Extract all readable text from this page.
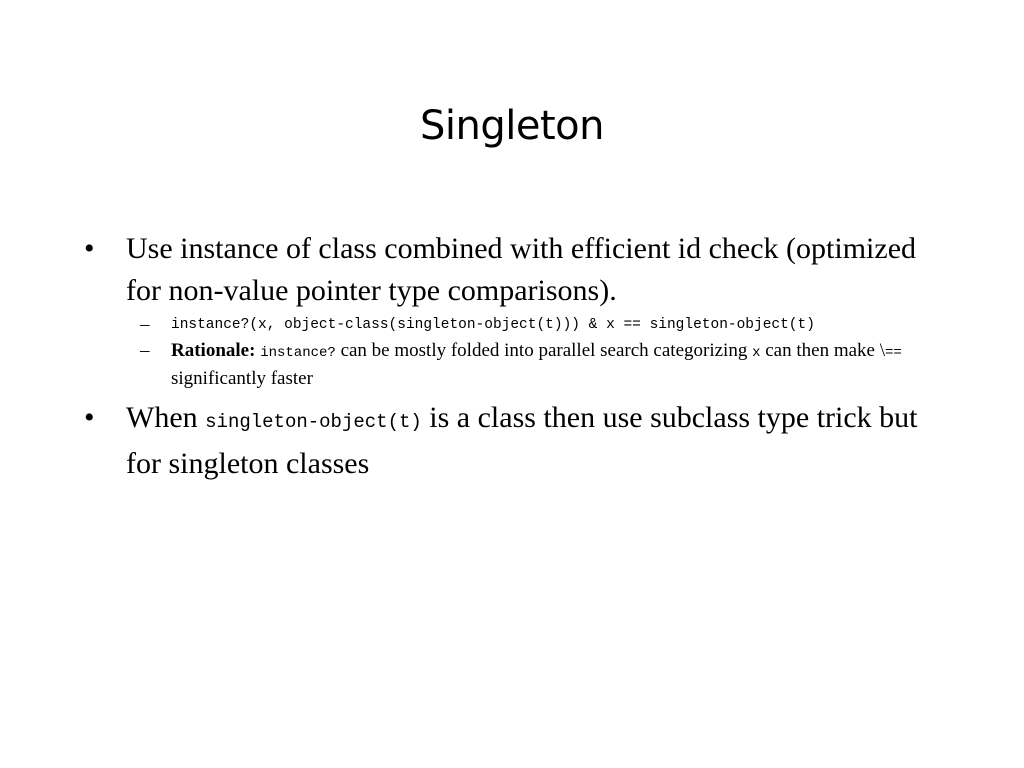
Singleton
•	Use instance of class combined with efficient id check (optimized for non-value pointer type comparisons).
– instance?(x, object-class(singleton-object(t))) & x == singleton-object(t)
– Rationale: instance? can be mostly folded into parallel search categorizing x can then make \== significantly faster
•	When singleton-object(t) is a class then use subclass type trick but for singleton classes
